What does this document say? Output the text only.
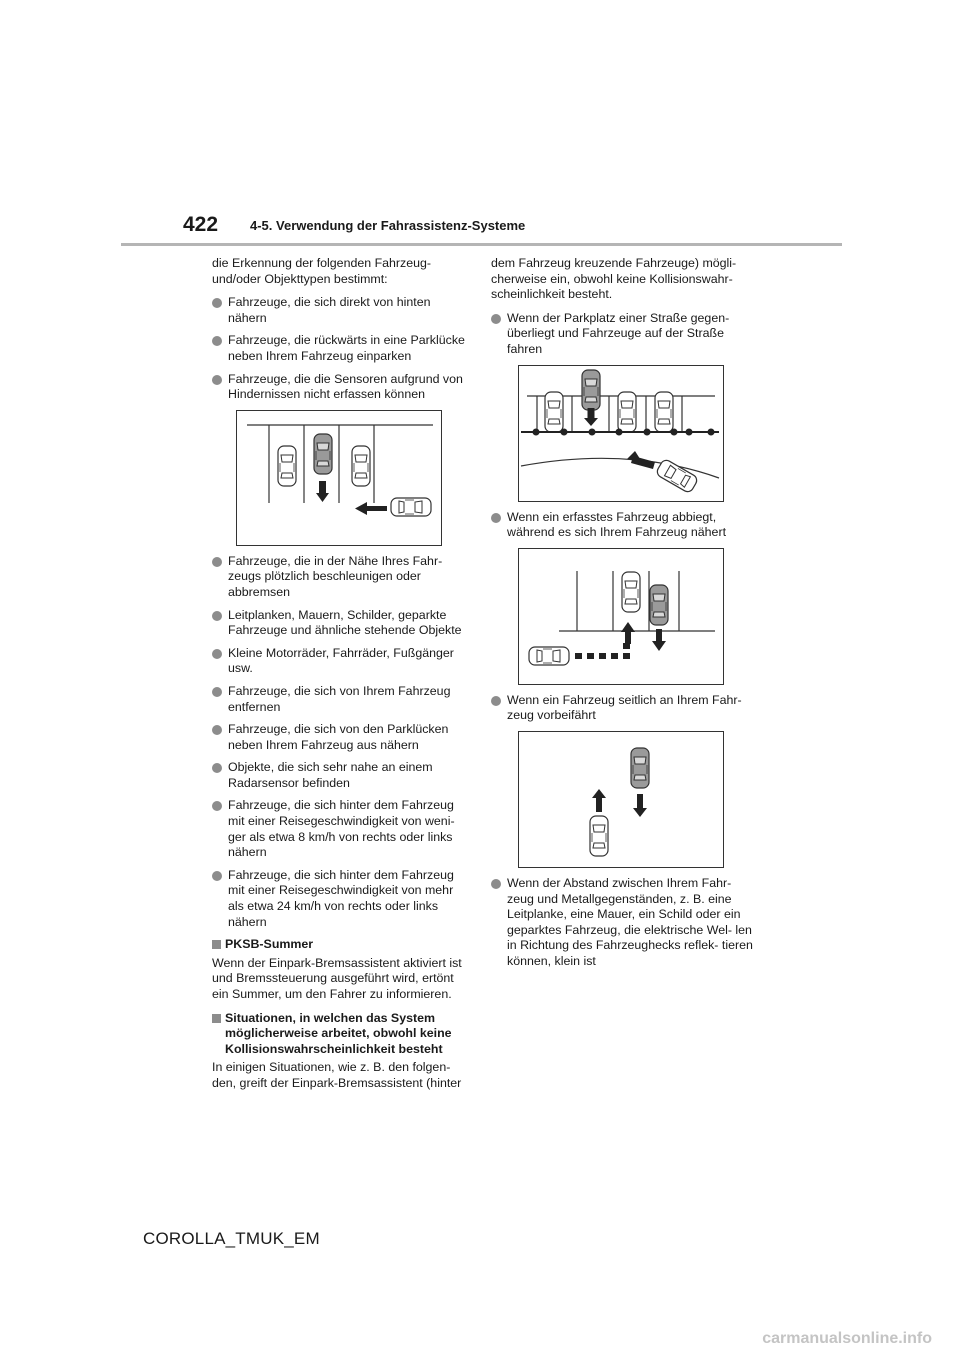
422 4-5. Verwendung der Fahrassistenz-Systeme

die Erkennung der folgenden Fahrzeug- und/oder Objekttypen bestimmt:

Fahrzeuge, die sich direkt von hinten nähern
Fahrzeuge, die rückwärts in eine Parklücke neben Ihrem Fahrzeug einparken
Fahrzeuge, die die Sensoren aufgrund von Hindernissen nicht erfassen können
Fahrzeuge, die in der Nähe Ihres Fahr- zeugs plötzlich beschleunigen oder abbremsen
Leitplanken, Mauern, Schilder, geparkte Fahrzeuge und ähnliche stehende Objekte
Kleine Motorräder, Fahrräder, Fußgänger usw.
Fahrzeuge, die sich von Ihrem Fahrzeug entfernen
Fahrzeuge, die sich von den Parklücken neben Ihrem Fahrzeug aus nähern
Objekte, die sich sehr nahe an einem Radarsensor befinden
Fahrzeuge, die sich hinter dem Fahrzeug mit einer Reisegeschwindigkeit von weni- ger als etwa 8 km/h von rechts oder links nähern
Fahrzeuge, die sich hinter dem Fahrzeug mit einer Reisegeschwindigkeit von mehr als etwa 24 km/h von rechts oder links nähern
PKSB-Summer

Wenn der Einpark-Bremsassistent aktiviert ist und Bremssteuerung ausgeführt wird, ertönt ein Summer, um den Fahrer zu informieren.

Situationen, in welchen das System möglicherweise arbeitet, obwohl keine Kollisionswahrscheinlichkeit besteht

In einigen Situationen, wie z. B. den folgen- den, greift der Einpark-Bremsassistent (hinter

dem Fahrzeug kreuzende Fahrzeuge) mögli- cherweise ein, obwohl keine Kollisionswahr- scheinlichkeit besteht.

Wenn der Parkplatz einer Straße gegen- überliegt und Fahrzeuge auf der Straße fahren
Wenn ein erfasstes Fahrzeug abbiegt, während es sich Ihrem Fahrzeug nähert
Wenn ein Fahrzeug seitlich an Ihrem Fahr- zeug vorbeifährt
Wenn der Abstand zwischen Ihrem Fahr- zeug und Metallgegenständen, z. B. eine Leitplanke, eine Mauer, ein Schild oder ein geparktes Fahrzeug, die elektrische Wel- len in Richtung des Fahrzeughecks reflek- tieren können, klein ist
COROLLA_TMUK_EM
carmanualsonline.info
